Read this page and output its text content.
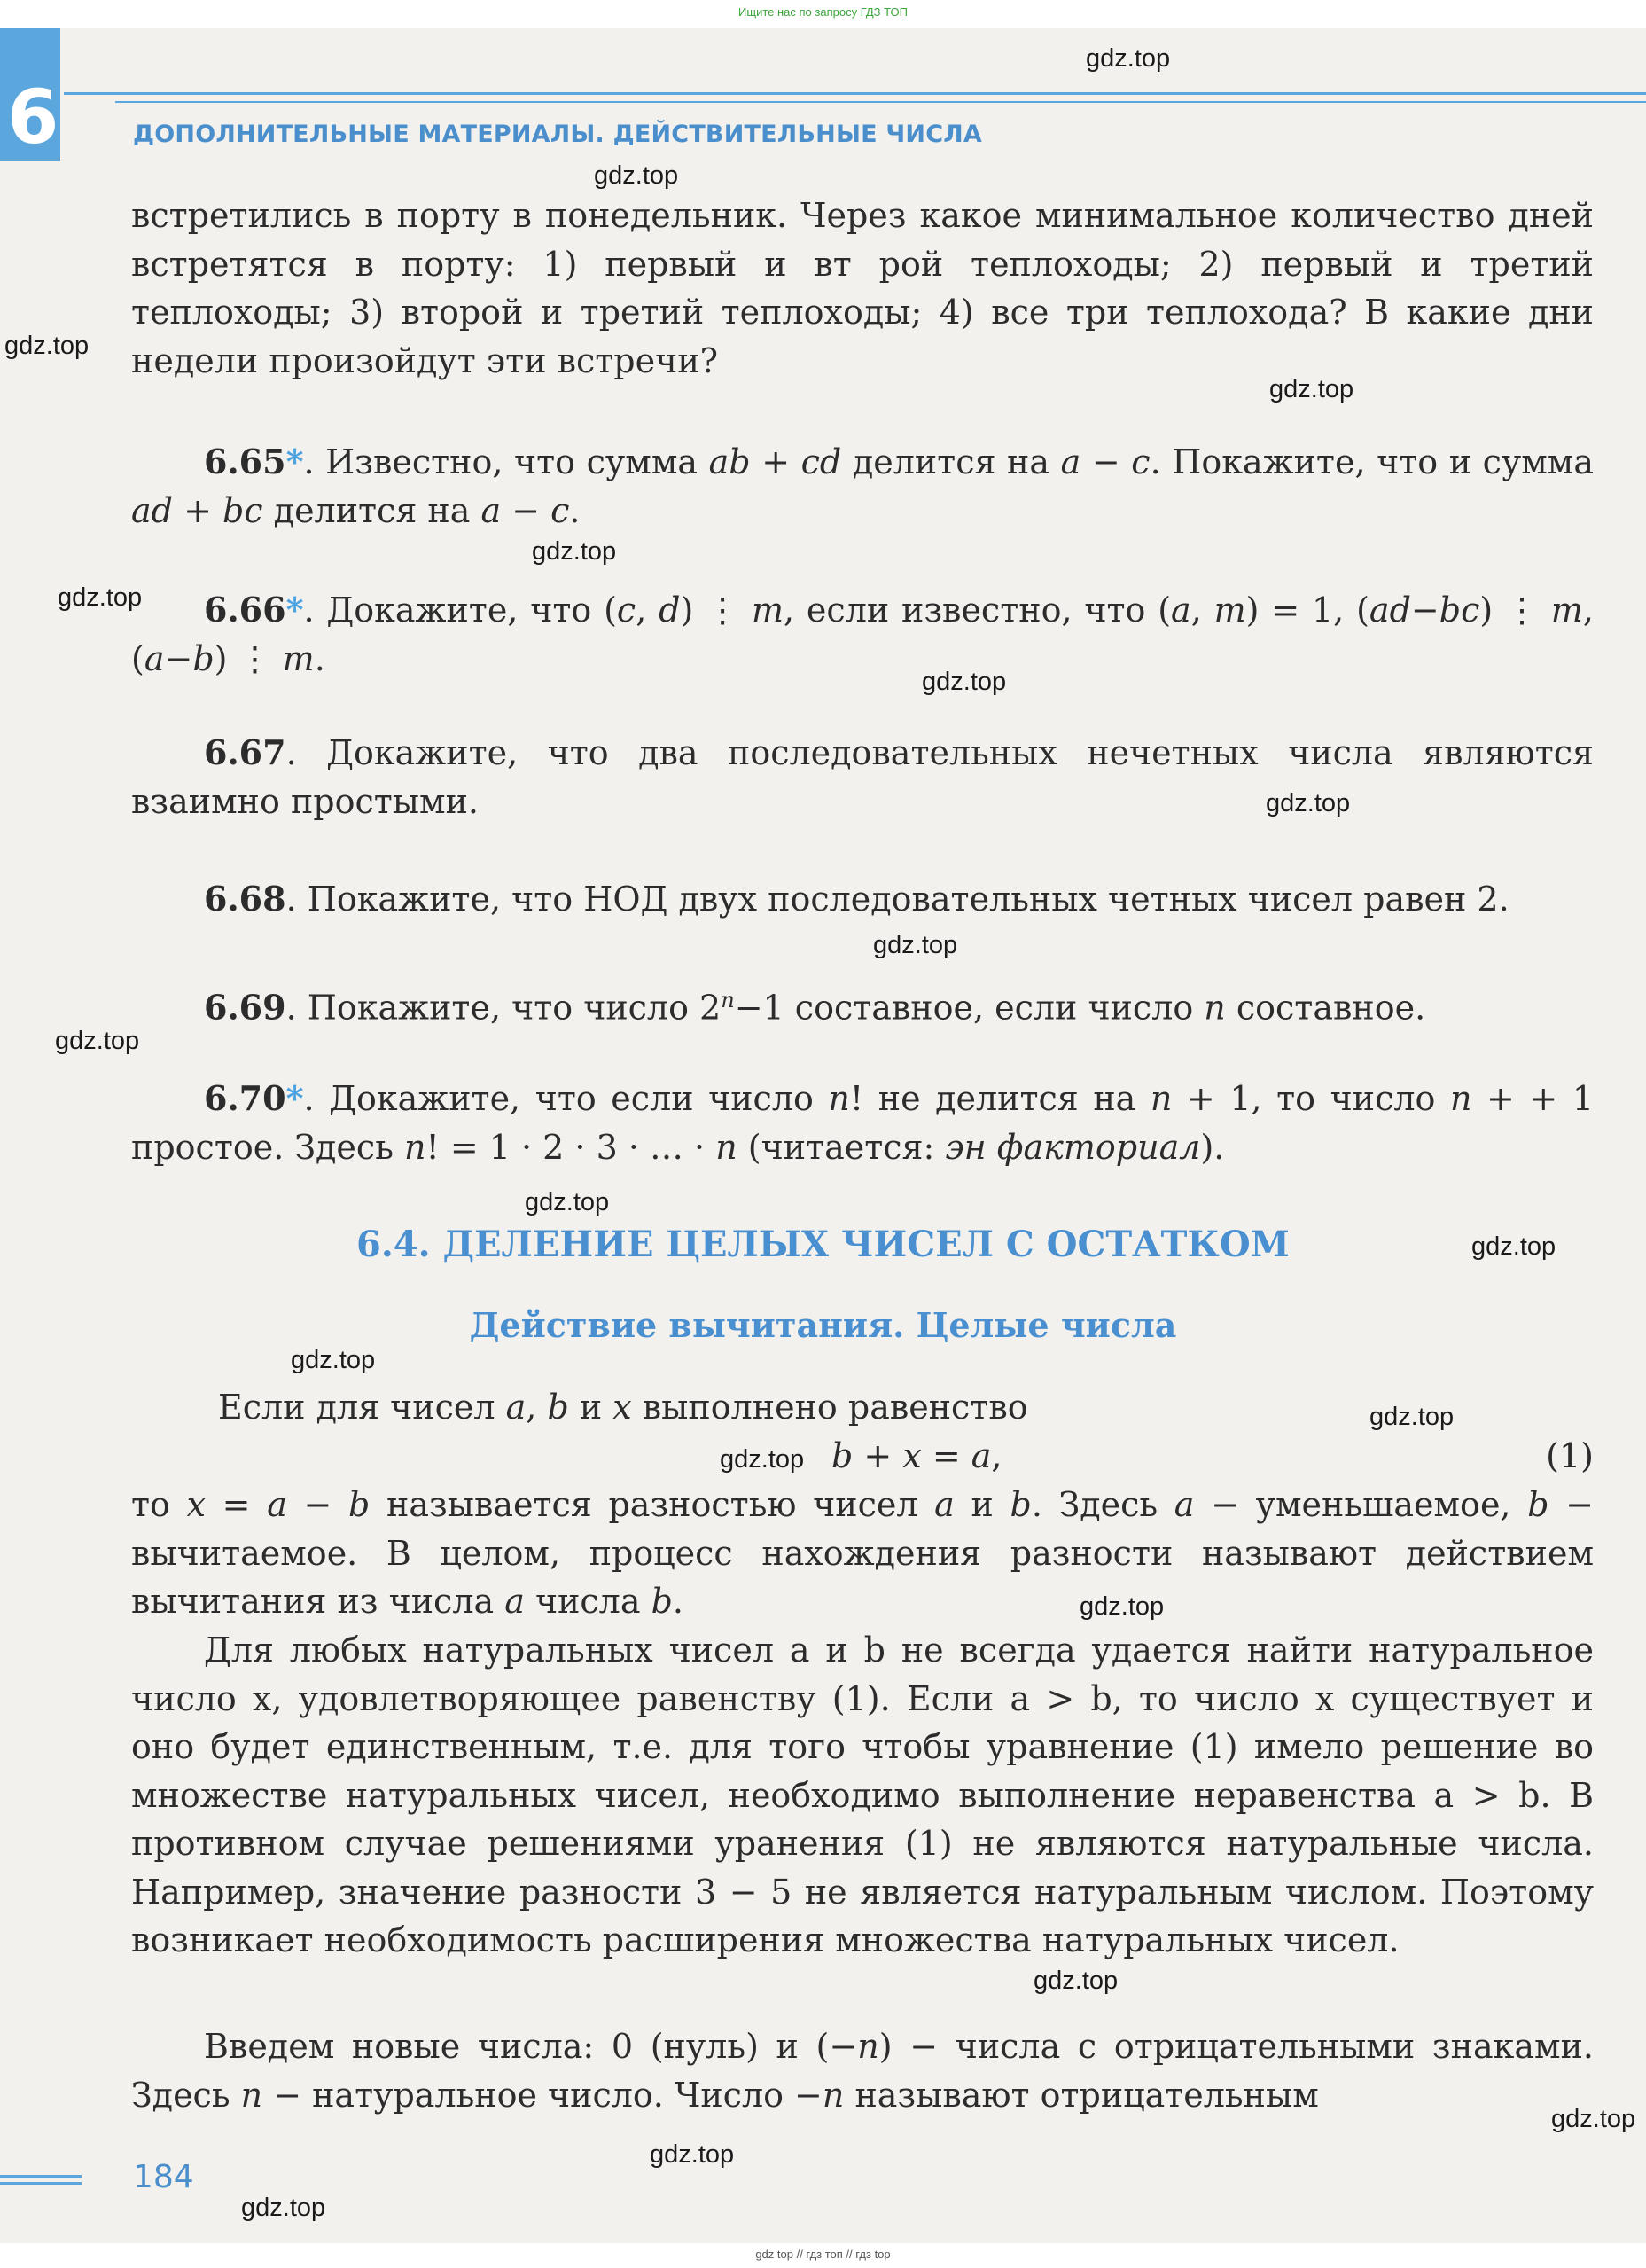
Ищите нас по запросу ГДЗ ТОП
6	ДОПОЛНИТЕЛЬНЫЕ МАТЕРИАЛЫ. ДЕЙСТВИТЕЛЬНЫЕ ЧИСЛА
встретились в порту в понедельник. Через какое минимальное количество дней встретятся в порту: 1) первый и вт рой теплоходы; 2) первый и третий теплоходы; 3) второй и третий теплоходы; 4) все три теплохода? В какие дни недели произойдут эти встречи?
6.65*. Известно, что сумма ab + cd делится на a − c. Покажите, что и сумма ad + bc делится на a − c.
6.66*. Докажите, что (c, d) ⋮ m, если известно, что (a, m) = 1, (ad−bc) ⋮ m, (a−b) ⋮ m.
6.67. Докажите, что два последовательных нечетных числа являются взаимно простыми.
6.68. Покажите, что НОД двух последовательных четных чисел равен 2.
6.69. Покажите, что число $2^n-1$ составное, если число n составное.
6.70*. Докажите, что если число n! не делится на n + 1, то число n + + 1 простое. Здесь n! = 1 · 2 · 3 · … · n (читается: эн факториал).
6.4. ДЕЛЕНИЕ ЦЕЛЫХ ЧИСЕЛ С ОСТАТКОМ
Действие вычитания. Целые числа
Если для чисел a, b и x выполнено равенство
b + x = a,	(1)
то x = a − b называется разностью чисел a и b. Здесь a − уменьшаемое, b − вычитаемое. В целом, процесс нахождения разности называют действием вычитания из числа a числа b.
Для любых натуральных чисел a и b не всегда удается найти натуральное число x, удовлетворяющее равенству (1). Если a > b, то число x существует и оно будет единственным, т.е. для того чтобы уравнение (1) имело решение во множестве натуральных чисел, необходимо выполнение неравенства a > b. В противном случае решениями уранения (1) не являются натуральные числа. Например, значение разности 3 − 5 не является натуральным числом. Поэтому возникает необходимость расширения множества натуральных чисел.
Введем новые числа: 0 (нуль) и (−n) − числа с отрицательными знаками. Здесь n − натуральное число. Число −n называют отрицательным
184
gdz top // гдз топ // гдз top
gdz.top
gdz.top
gdz.top
gdz.top
gdz.top
gdz.top
gdz.top
gdz.top
gdz.top
gdz.top
gdz.top
gdz.top
gdz.top
gdz.top
gdz.top
gdz.top
gdz.top
gdz.top
gdz.top
gdz.top
